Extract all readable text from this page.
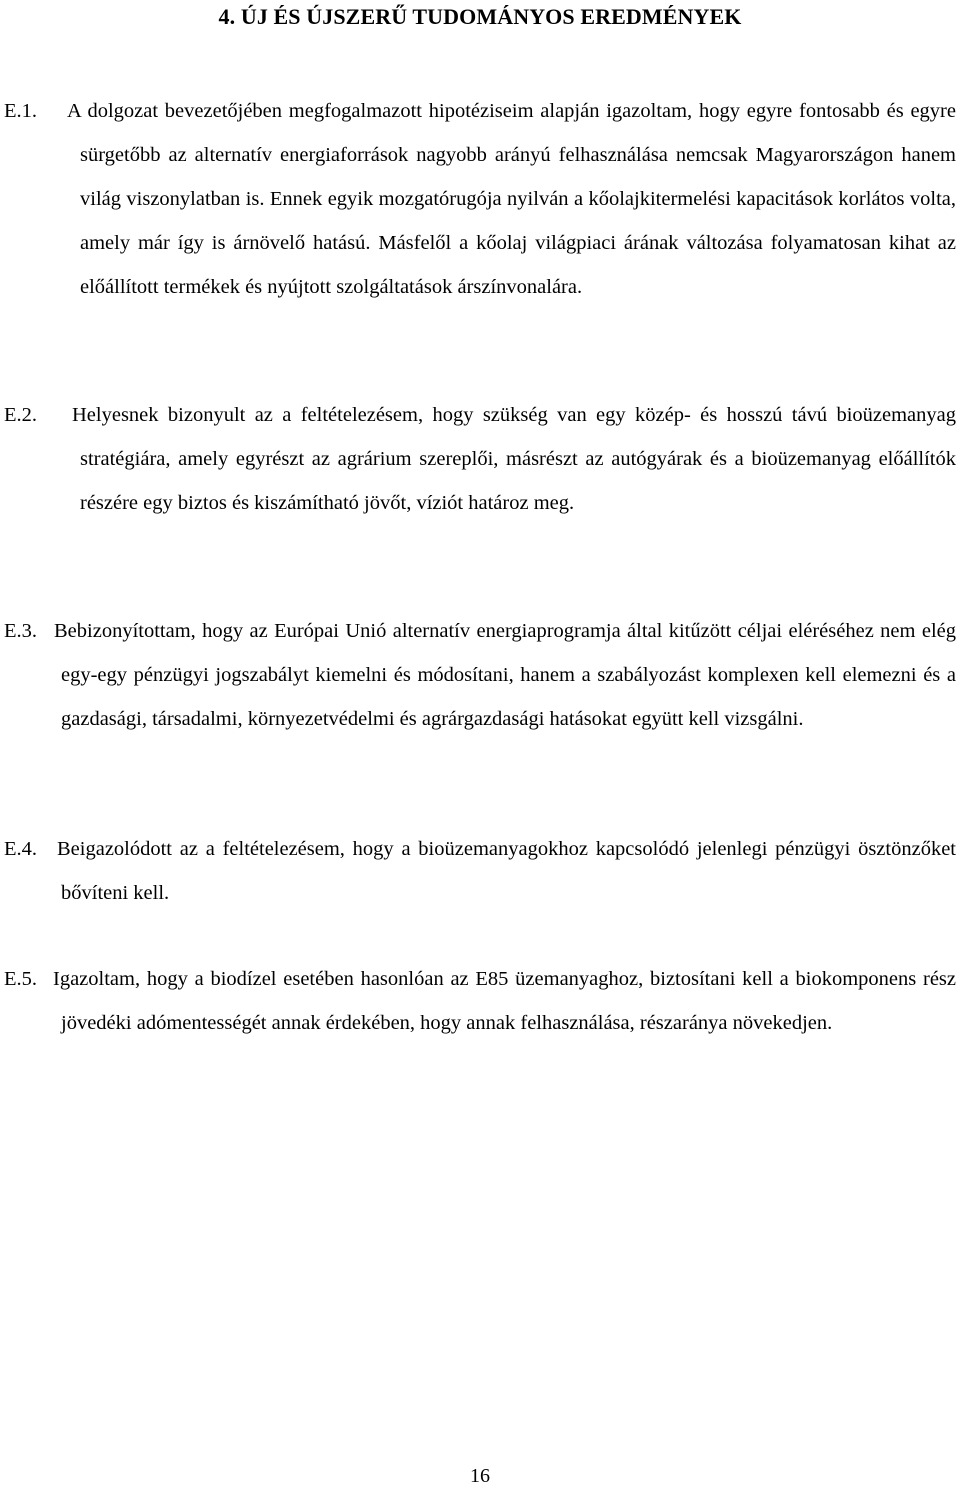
4. ÚJ ÉS ÚJSZERŰ TUDOMÁNYOS EREDMÉNYEK
E.1. A dolgozat bevezetőjében megfogalmazott hipotéziseim alapján igazoltam, hogy egyre fontosabb és egyre sürgetőbb az alternatív energiaforrások nagyobb arányú felhasználása nemcsak Magyarországon hanem világ viszonylatban is. Ennek egyik mozgatórugója nyilván a kőolajkitermelési kapacitások korlátos volta, amely már így is árnövelő hatású. Másfelől a kőolaj világpiaci árának változása folyamatosan kihat az előállított termékek és nyújtott szolgáltatások árszínvonalára.

E.2. Helyesnek bizonyult az a feltételezésem, hogy szükség van egy közép- és hosszú távú bioüzemanyag stratégiára, amely egyrészt az agrárium szereplői, másrészt az autógyárak és a bioüzemanyag előállítók részére egy biztos és kiszámítható jövőt, víziót határoz meg.

E.3. Bebizonyítottam, hogy az Európai Unió alternatív energiaprogramja által kitűzött céljai eléréséhez nem elég egy-egy pénzügyi jogszabályt kiemelni és módosítani, hanem a szabályozást komplexen kell elemezni és a gazdasági, társadalmi, környezetvédelmi és agrárgazdasági hatásokat együtt kell vizsgálni.

E.4. Beigazolódott az a feltételezésem, hogy a bioüzemanyagokhoz kapcsolódó jelenlegi pénzügyi ösztönzőket bővíteni kell.

E.5. Igazoltam, hogy a biodízel esetében hasonlóan az E85 üzemanyaghoz, biztosítani kell a biokomponens rész jövedéki adómentességét annak érdekében, hogy annak felhasználása, részaránya növekedjen.

16
